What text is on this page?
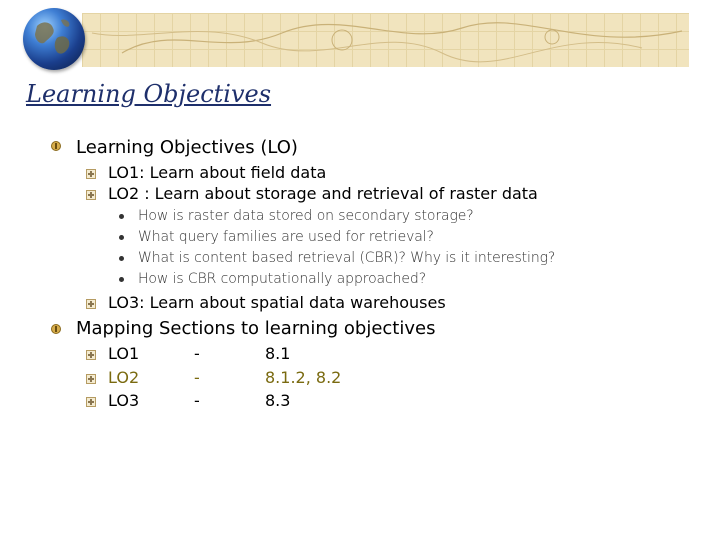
Learning Objectives
Learning Objectives (LO)
LO1: Learn about field data
LO2 : Learn about storage and retrieval of raster data
How is raster data stored on secondary storage?
What query families are used for retrieval?
What is content based retrieval (CBR)? Why is it interesting?
How is CBR computationally approached?
LO3: Learn about spatial data warehouses
Mapping Sections to learning objectives
LO1	-	8.1
LO2	-	8.1.2, 8.2
LO3	-	8.3
